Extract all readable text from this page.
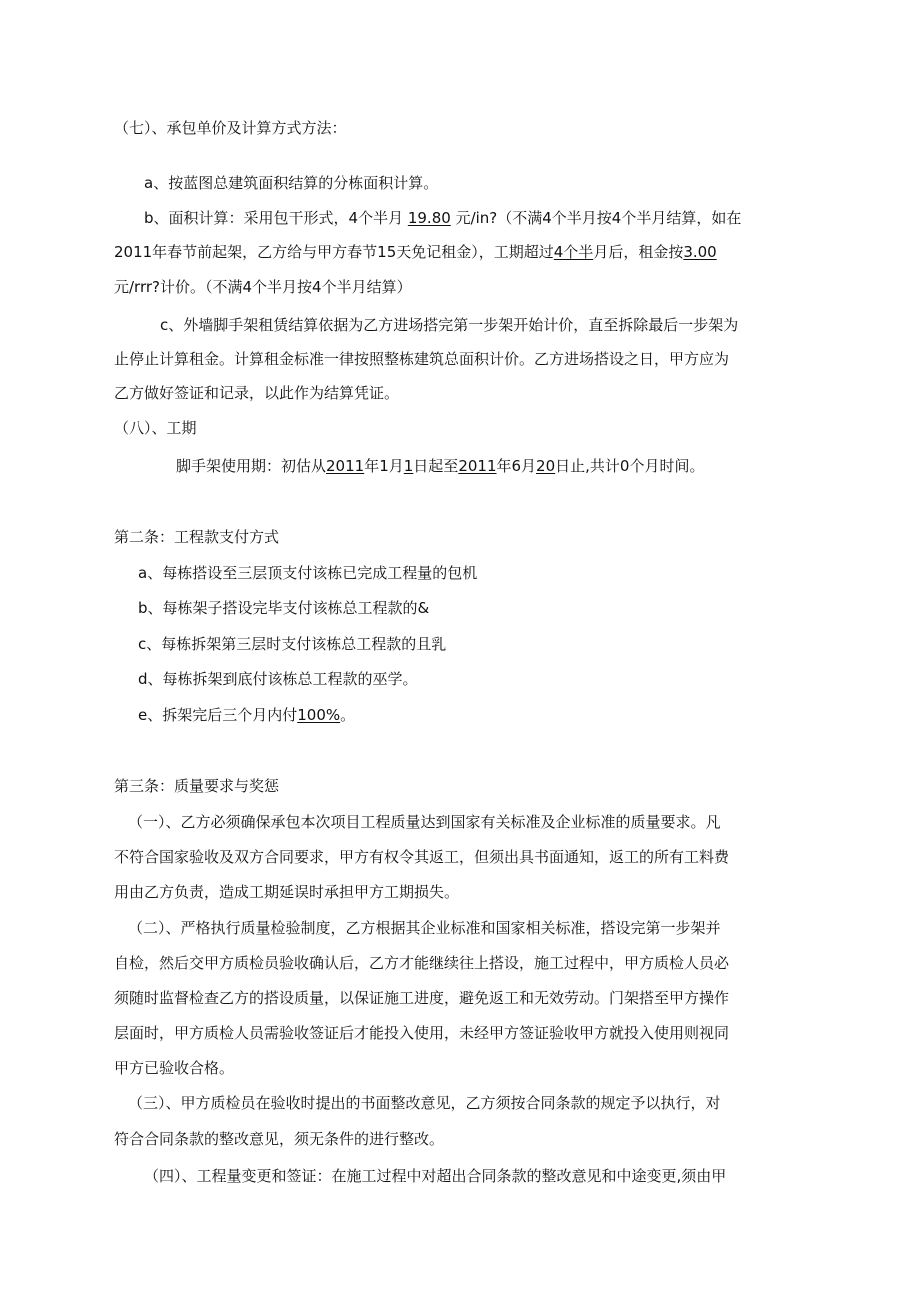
（七）、承包单价及计算方式方法：
a、按蓝图总建筑面积结算的分栋面积计算。
b、面积计算：采用包干形式，4个半月 19.80 元/in?（不满4个半月按4个半月结算，如在
2011年春节前起架，乙方给与甲方春节15天免记租金），工期超过4个半月后，租金按3.00
元/rrr?计价。（不满4个半月按4个半月结算）
c、外墙脚手架租赁结算依据为乙方进场搭完第一步架开始计价，直至拆除最后一步架为
止停止计算租金。计算租金标准一律按照整栋建筑总面积计价。乙方进场搭设之日，甲方应为
乙方做好签证和记录，以此作为结算凭证。
（八）、工期
脚手架使用期：初估从2011年1月1日起至2011年6月20日止,共计0个月时间。
第二条：工程款支付方式
a、每栋搭设至三层顶支付该栋已完成工程量的包机
b、每栋架子搭设完毕支付该栋总工程款的&
c、每栋拆架第三层时支付该栋总工程款的且乳
d、每栋拆架到底付该栋总工程款的巫学。
e、拆架完后三个月内付100%。
第三条：质量要求与奖惩
（一）、乙方必须确保承包本次项目工程质量达到国家有关标准及企业标准的质量要求。凡
不符合国家验收及双方合同要求，甲方有权令其返工，但须出具书面通知，返工的所有工料费
用由乙方负责，造成工期延误时承担甲方工期损失。
（二）、严格执行质量检验制度，乙方根据其企业标准和国家相关标准，搭设完第一步架并
自检，然后交甲方质检员验收确认后，乙方才能继续往上搭设，施工过程中，甲方质检人员必
须随时监督检查乙方的搭设质量，以保证施工进度，避免返工和无效劳动。门架搭至甲方操作
层面时，甲方质检人员需验收签证后才能投入使用，未经甲方签证验收甲方就投入使用则视同
甲方已验收合格。
（三）、甲方质检员在验收时提出的书面整改意见，乙方须按合同条款的规定予以执行，对
符合合同条款的整改意见，须无条件的进行整改。
（四）、工程量变更和签证：在施工过程中对超出合同条款的整改意见和中途变更,须由甲
